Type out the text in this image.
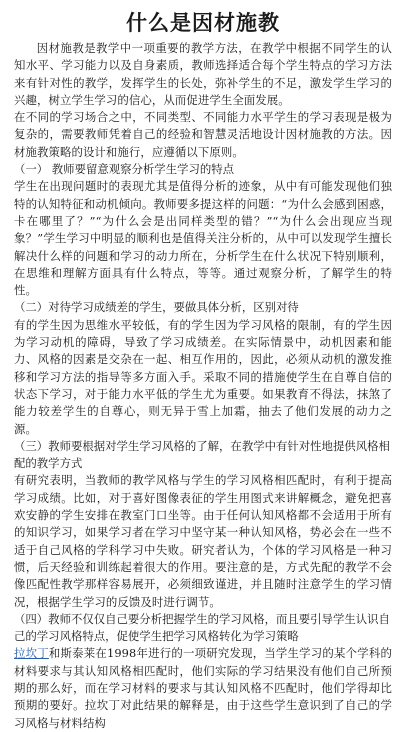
什么是因材施教

因材施教是教学中一项重要的教学方法，在教学中根据不同学生的认知水平、学习能力以及自身素质，教师选择适合每个学生特点的学习方法来有针对性的教学，发挥学生的长处，弥补学生的不足，激发学生学习的兴趣，树立学生学习的信心，从而促进学生全面发展。

在不同的学习场合之中，不同类型、不同能力水平学生的学习表现是极为复杂的，需要教师凭着自己的经验和智慧灵活地设计因材施教的方法。因材施教策略的设计和施行，应遵循以下原则。

（一） 教师要留意观察分析学生学习的特点

学生在出现问题时的表现尤其是值得分析的迹象，从中有可能发现他们独特的认知特征和动机倾向。教师要多提这样的问题：“为什么会感到困惑，卡在哪里了？”“为什么会是出同样类型的错？”“为什么会出现应当现象？”学生学习中明显的顺利也是值得关注分析的，从中可以发现学生擅长解决什么样的问题和学习的动力所在，分析学生在什么状况下特别顺利，在思维和理解方面具有什么特点，等等。通过观察分析，了解学生的特性。

（二）对待学习成绩差的学生，要做具体分析，区别对待

有的学生因为思维水平较低，有的学生因为学习风格的限制，有的学生因为学习动机的障碍，导致了学习成绩差。在实际情景中，动机因素和能力、风格的因素是交杂在一起、相互作用的，因此，必须从动机的激发推移和学习方法的指导等多方面入手。采取不同的措施使学生在自尊自信的状态下学习，对于能力水平低的学生尤为重要。如果教育不得法，抹煞了能力较差学生的自尊心，则无异于雪上加霜，抽去了他们发展的动力之源。

（三）教师要根据对学生学习风格的了解，在教学中有针对性地提供风格相配的教学方式

有研究表明，当教师的教学风格与学生的学习风格相匹配时，有利于提高学习成绩。比如，对于喜好图像表征的学生用图式来讲解概念，避免把喜欢安静的学生安排在教室门口坐等。由于任何认知风格都不会适用于所有的知识学习，如果学习者在学习中坚守某一种认知风格，势必会在一些不适于自己风格的学科学习中失败。研究者认为，个体的学习风格是一种习惯，后天经验和训练起着很大的作用。要注意的是，方式先配的教学不会像匹配性教学那样容易展开，必须细致谨进，并且随时注意学生的学习情况，根据学生学习的反馈及时进行调节。

（四）教师不仅仅自己要分析把握学生的学习风格，而且要引导学生认识自己的学习风格特点，促使学生把学习风格转化为学习策略

拉坎丁和斯泰莱在1998年进行的一项研究发现，当学生学习的某个学科的材料要求与其认知风格相匹配时，他们实际的学习结果没有他们自己所预期的那么好，而在学习材料的要求与其认知风格不匹配时，他们学得却比预期的要好。拉坎丁对此结果的解释是，由于这些学生意识到了自己的学习风格与材料结构
